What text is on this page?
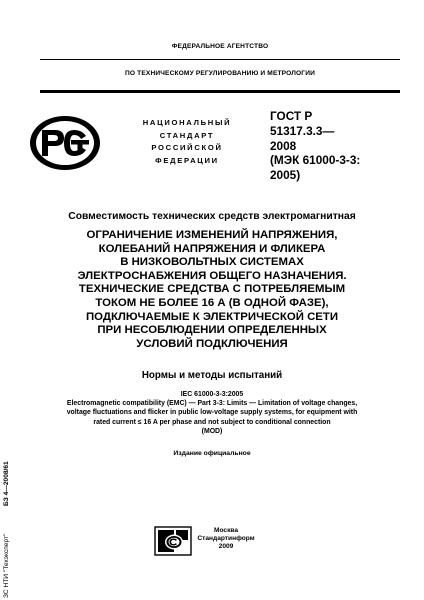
ФЕДЕРАЛЬНОЕ АГЕНТСТВО
ПО ТЕХНИЧЕСКОМУ РЕГУЛИРОВАНИЮ И МЕТРОЛОГИИ
НАЦИОНАЛЬНЫЙ
СТАНДАРТ
РОССИЙСКОЙ
ФЕДЕРАЦИИ
ГОСТ Р
51317.3.3—
2008
(МЭК 61000-3-3:
2005)
Совместимость технических средств электромагнитная
ОГРАНИЧЕНИЕ ИЗМЕНЕНИЙ НАПРЯЖЕНИЯ,
КОЛЕБАНИЙ НАПРЯЖЕНИЯ И ФЛИКЕРА
В НИЗКОВОЛЬТНЫХ СИСТЕМАХ
ЭЛЕКТРОСНАБЖЕНИЯ ОБЩЕГО НАЗНАЧЕНИЯ.
ТЕХНИЧЕСКИЕ СРЕДСТВА С ПОТРЕБЛЯЕМЫМ
ТОКОМ НЕ БОЛЕЕ 16 А (В ОДНОЙ ФАЗЕ),
ПОДКЛЮЧАЕМЫЕ К ЭЛЕКТРИЧЕСКОЙ СЕТИ
ПРИ НЕСОБЛЮДЕНИИ ОПРЕДЕЛЕННЫХ
УСЛОВИЙ ПОДКЛЮЧЕНИЯ
Нормы и методы испытаний
IEC 61000-3-3:2005
Electromagnetic compatibility (EMC) — Part 3-3: Limits — Limitation of voltage changes,
voltage fluctuations and flicker in public low-voltage supply systems, for equipment with
rated current ≤ 16 A per phase and not subject to conditional connection
(MOD)
Издание официальное
Москва
Стандартинформ
2009
БЗ 4—2008/61
ЗС НТИ "Техэксперт"
